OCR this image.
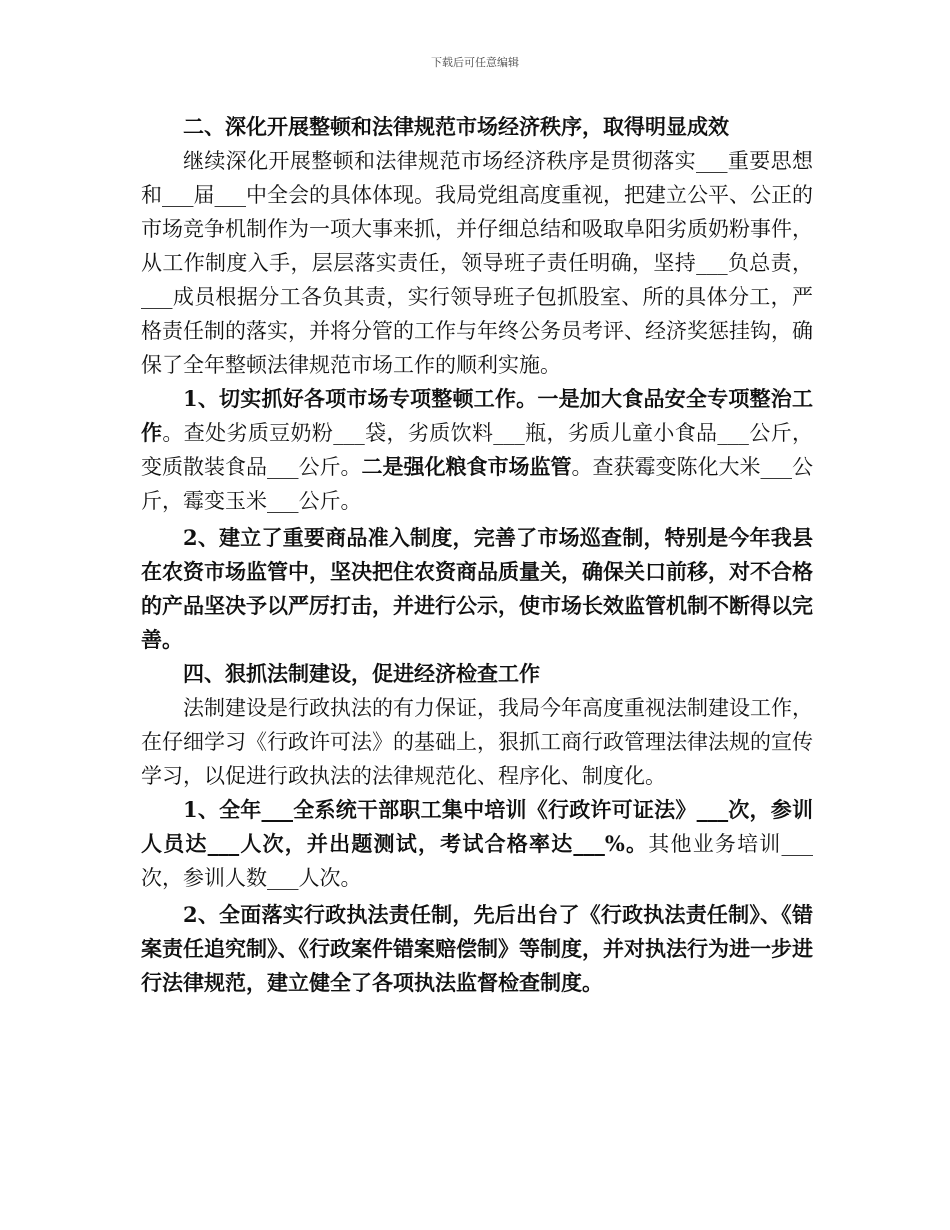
下载后可任意编辑

二、深化开展整顿和法律规范市场经济秩序，取得明显成效

继续深化开展整顿和法律规范市场经济秩序是贯彻落实___重要思想和___届___中全会的具体体现。我局党组高度重视，把建立公平、公正的市场竞争机制作为一项大事来抓，并仔细总结和吸取阜阳劣质奶粉事件，从工作制度入手，层层落实责任，领导班子责任明确，坚持___负总责，___成员根据分工各负其责，实行领导班子包抓股室、所的具体分工，严格责任制的落实，并将分管的工作与年终公务员考评、经济奖惩挂钩，确保了全年整顿法律规范市场工作的顺利实施。

1、切实抓好各项市场专项整顿工作。一是加大食品安全专项整治工作。查处劣质豆奶粉___袋，劣质饮料___瓶，劣质儿童小食品___公斤，变质散装食品___公斤。二是强化粮食市场监管。查获霉变陈化大米___公斤，霉变玉米___公斤。

2、建立了重要商品准入制度，完善了市场巡查制，特别是今年我县在农资市场监管中，坚决把住农资商品质量关，确保关口前移，对不合格的产品坚决予以严厉打击，并进行公示，使市场长效监管机制不断得以完善。

四、狠抓法制建设，促进经济检查工作

法制建设是行政执法的有力保证，我局今年高度重视法制建设工作，在仔细学习《行政许可法》的基础上，狠抓工商行政管理法律法规的宣传学习，以促进行政执法的法律规范化、程序化、制度化。

1、全年___全系统干部职工集中培训《行政许可证法》___次，参训人员达___人次，并出题测试，考试合格率达___%。其他业务培训___次，参训人数___人次。

2、全面落实行政执法责任制，先后出台了《行政执法责任制》、《错案责任追究制》、《行政案件错案赔偿制》等制度，并对执法行为进一步进行法律规范，建立健全了各项执法监督检查制度。
